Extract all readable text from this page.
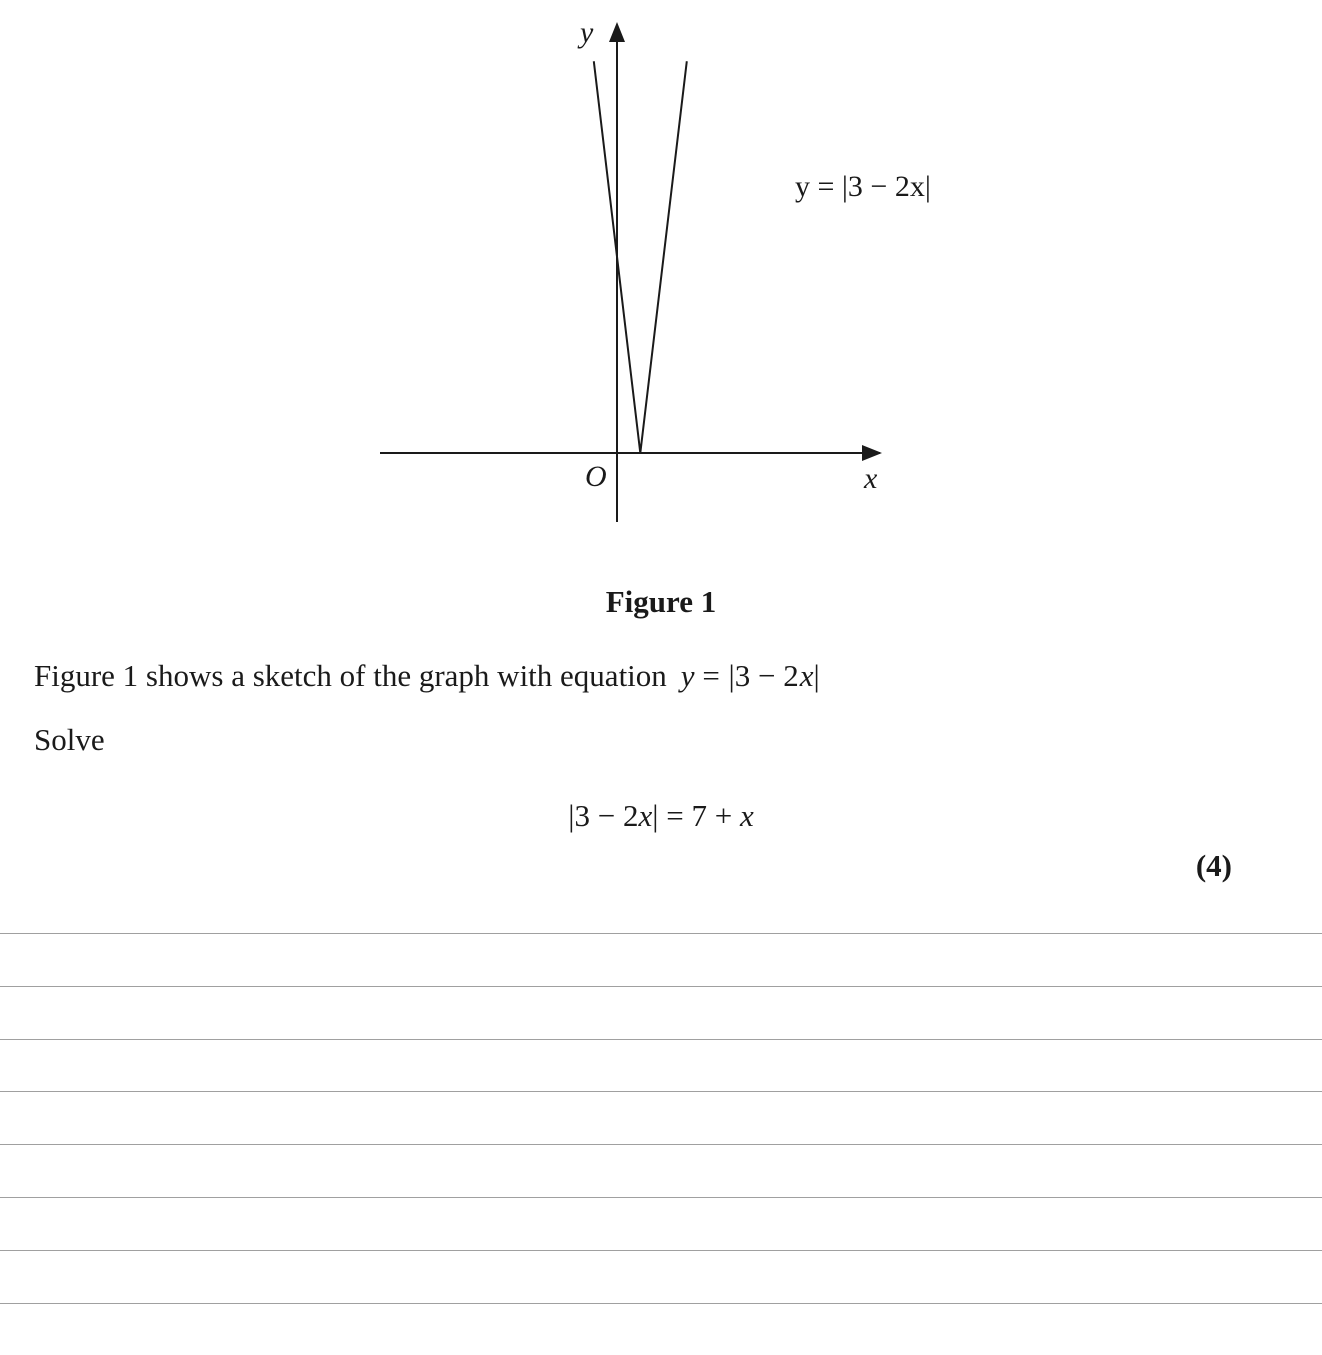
y
x
O
y = |3 − 2x|
Figure 1
Figure 1 shows a sketch of the graph with equation y = |3 − 2x|
Solve
|3 − 2x| = 7 + x
(4)
